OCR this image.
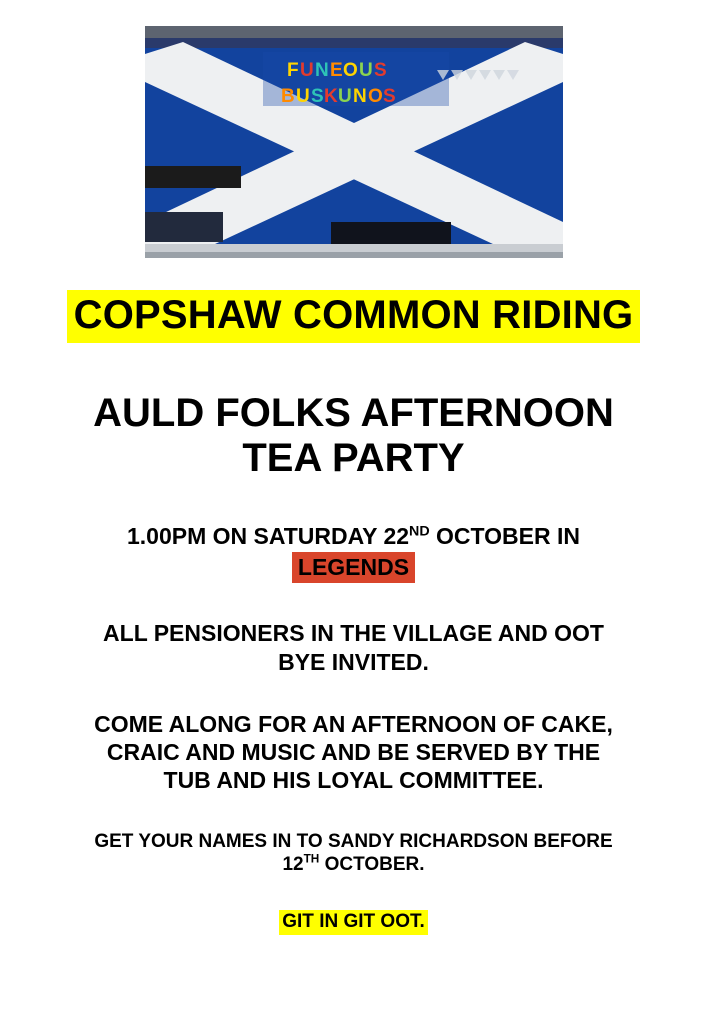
F U N E O U S
B U S K U N O S
COPSHAW COMMON RIDING
AULD FOLKS AFTERNOON
TEA PARTY
1.00PM ON SATURDAY 22ND OCTOBER IN
LEGENDS
ALL PENSIONERS IN THE VILLAGE AND OOT
BYE INVITED.
COME ALONG FOR AN AFTERNOON OF CAKE,
CRAIC AND MUSIC AND BE SERVED BY THE
TUB AND HIS LOYAL COMMITTEE.
GET YOUR NAMES IN TO SANDY RICHARDSON BEFORE
12TH OCTOBER.
GIT IN GIT OOT.
